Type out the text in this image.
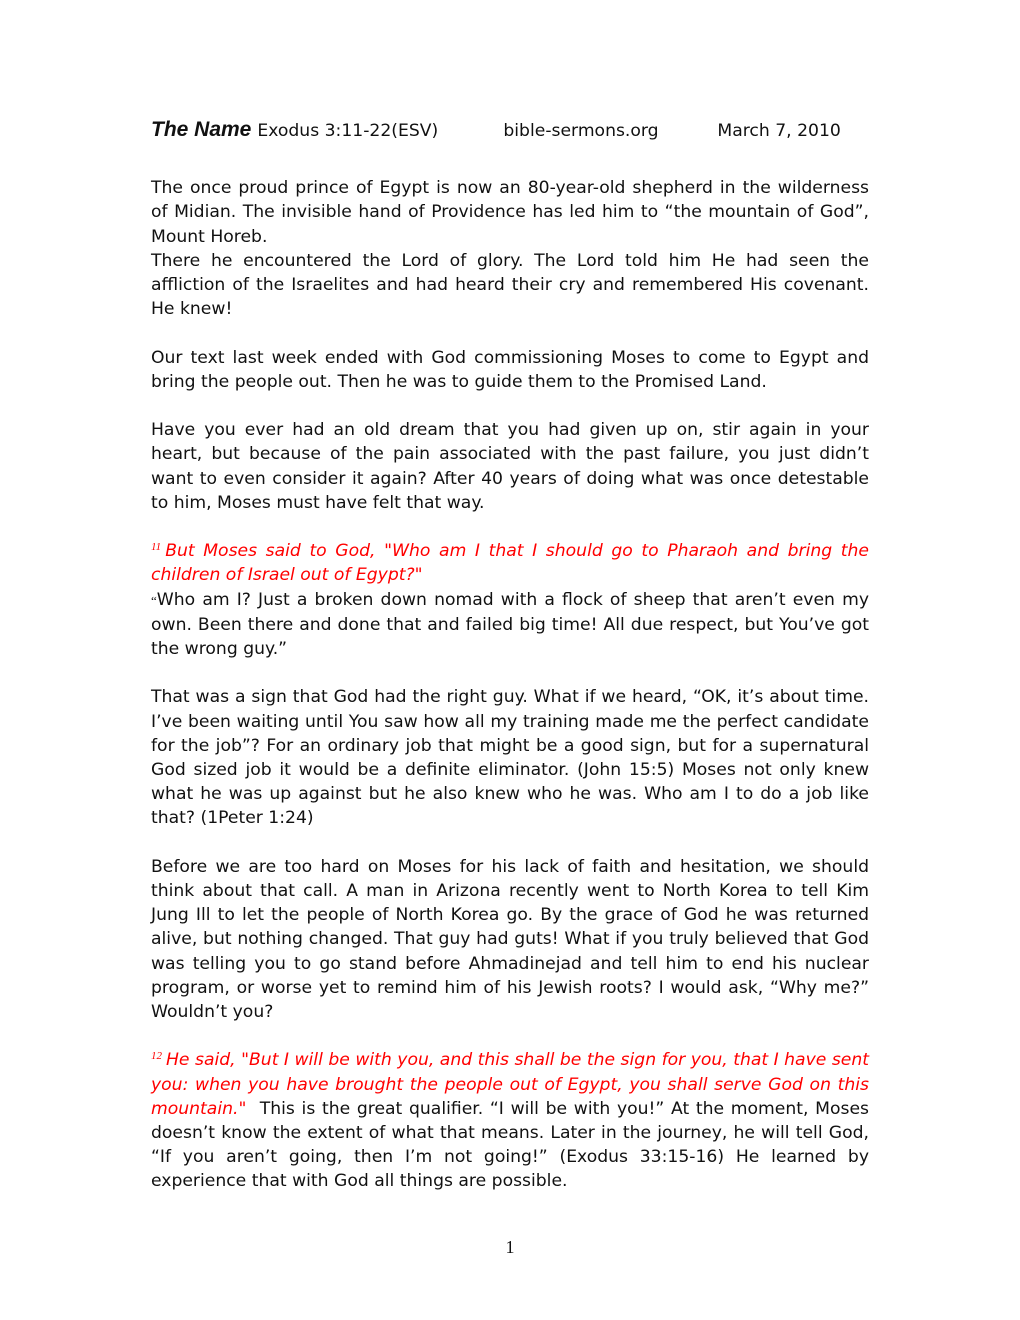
The Name Exodus 3:11-22(ESV)	bible-sermons.org	March 7, 2010

The once proud prince of Egypt is now an 80-year-old shepherd in the wilderness of Midian. The invisible hand of Providence has led him to “the mountain of God”, Mount Horeb.

There he encountered the Lord of glory. The Lord told him He had seen the affliction of the Israelites and had heard their cry and remembered His covenant. He knew!

Our text last week ended with God commissioning Moses to come to Egypt and bring the people out. Then he was to guide them to the Promised Land.

Have you ever had an old dream that you had given up on, stir again in your heart, but because of the pain associated with the past failure, you just didn’t want to even consider it again? After 40 years of doing what was once detestable to him, Moses must have felt that way.

$^{11}$ But Moses said to God, "Who am I that I should go to Pharaoh and bring the children of Israel out of Egypt?"

“Who am I? Just a broken down nomad with a flock of sheep that aren’t even my own. Been there and done that and failed big time! All due respect, but You’ve got the wrong guy.”

That was a sign that God had the right guy. What if we heard, “OK, it’s about time. I’ve been waiting until You saw how all my training made me the perfect candidate for the job”? For an ordinary job that might be a good sign, but for a supernatural God sized job it would be a definite eliminator. (John 15:5) Moses not only knew what he was up against but he also knew who he was. Who am I to do a job like that? (1Peter 1:24)

Before we are too hard on Moses for his lack of faith and hesitation, we should think about that call. A man in Arizona recently went to North Korea to tell Kim Jung Ill to let the people of North Korea go. By the grace of God he was returned alive, but nothing changed. That guy had guts! What if you truly believed that God was telling you to go stand before Ahmadinejad and tell him to end his nuclear program, or worse yet to remind him of his Jewish roots? I would ask, “Why me?” Wouldn’t you?

$^{12}$ He said, "But I will be with you, and this shall be the sign for you, that I have sent you: when you have brought the people out of Egypt, you shall serve God on this mountain." This is the great qualifier. “I will be with you!” At the moment, Moses doesn’t know the extent of what that means. Later in the journey, he will tell God, “If you aren’t going, then I’m not going!” (Exodus 33:15-16) He learned by experience that with God all things are possible.

1
